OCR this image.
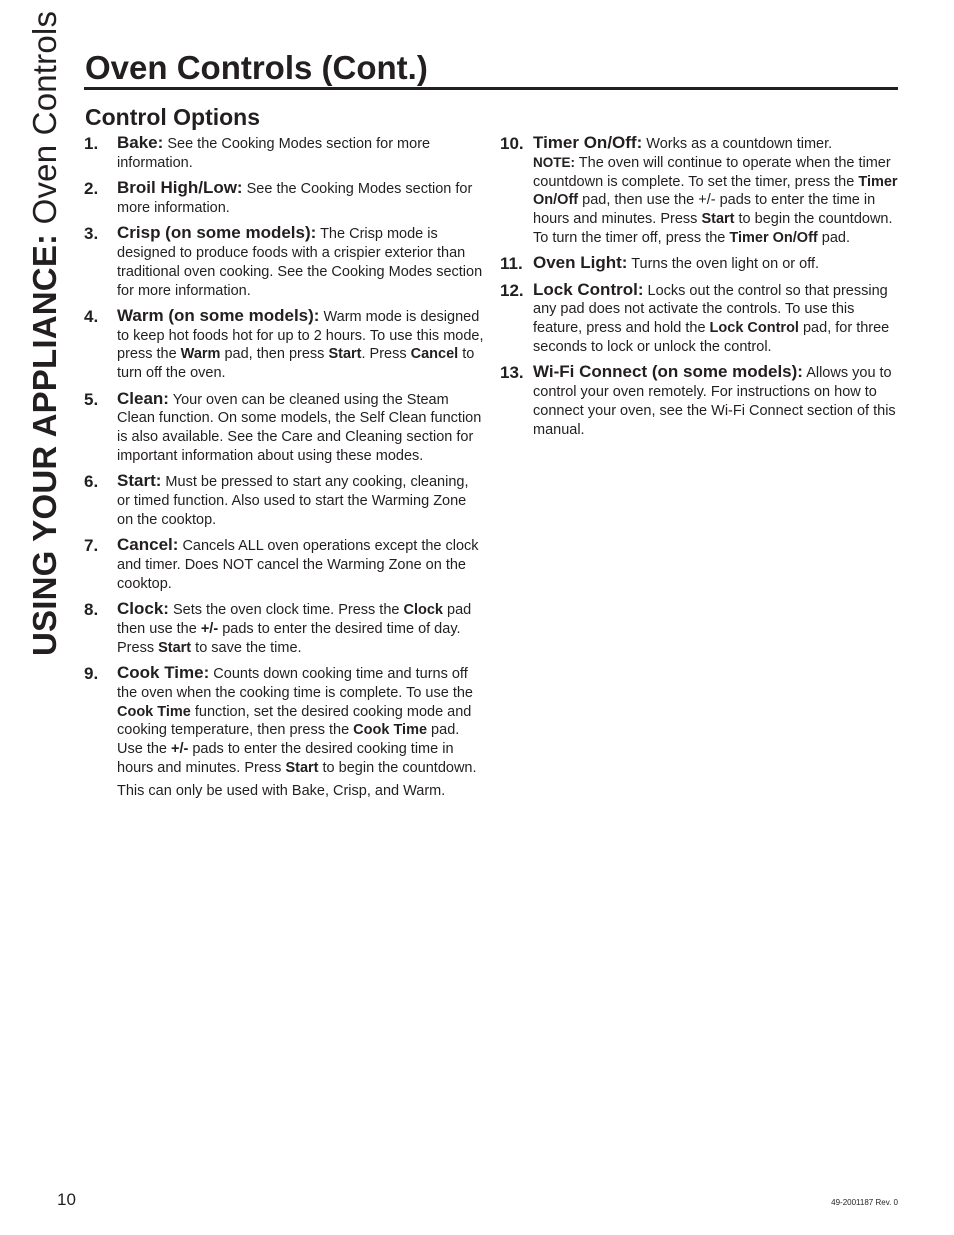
USING YOUR APPLIANCE: Oven Controls Oven Controls (Cont.)
Control Options
1. Bake: See the Cooking Modes section for more information.
2. Broil High/Low: See the Cooking Modes section for more information.
3. Crisp (on some models): The Crisp mode is designed to produce foods with a crispier exterior than traditional oven cooking. See the Cooking Modes section for more information.
4. Warm (on some models): Warm mode is designed to keep hot foods hot for up to 2 hours. To use this mode, press the Warm pad, then press Start. Press Cancel to turn off the oven.
5. Clean: Your oven can be cleaned using the Steam Clean function. On some models, the Self Clean function is also available. See the Care and Cleaning section for important information about using these modes.
6. Start: Must be pressed to start any cooking, cleaning, or timed function. Also used to start the Warming Zone on the cooktop.
7. Cancel: Cancels ALL oven operations except the clock and timer. Does NOT cancel the Warming Zone on the cooktop.
8. Clock: Sets the oven clock time. Press the Clock pad then use the +/- pads to enter the desired time of day. Press Start to save the time.
9. Cook Time: Counts down cooking time and turns off the oven when the cooking time is complete. To use the Cook Time function, set the desired cooking mode and cooking temperature, then press the Cook Time pad. Use the +/- pads to enter the desired cooking time in hours and minutes. Press Start to begin the countdown.
This can only be used with Bake, Crisp, and Warm.
10. Timer On/Off: Works as a countdown timer.
NOTE: The oven will continue to operate when the timer countdown is complete. To set the timer, press the Timer On/Off pad, then use the +/- pads to enter the time in hours and minutes. Press Start to begin the countdown. To turn the timer off, press the Timer On/Off pad.
11. Oven Light: Turns the oven light on or off.
12. Lock Control: Locks out the control so that pressing any pad does not activate the controls. To use this feature, press and hold the Lock Control pad, for three seconds to lock or unlock the control.
13. Wi-Fi Connect (on some models): Allows you to control your oven remotely. For instructions on how to connect your oven, see the Wi-Fi Connect section of this manual.
10	49-2001187 Rev. 0
